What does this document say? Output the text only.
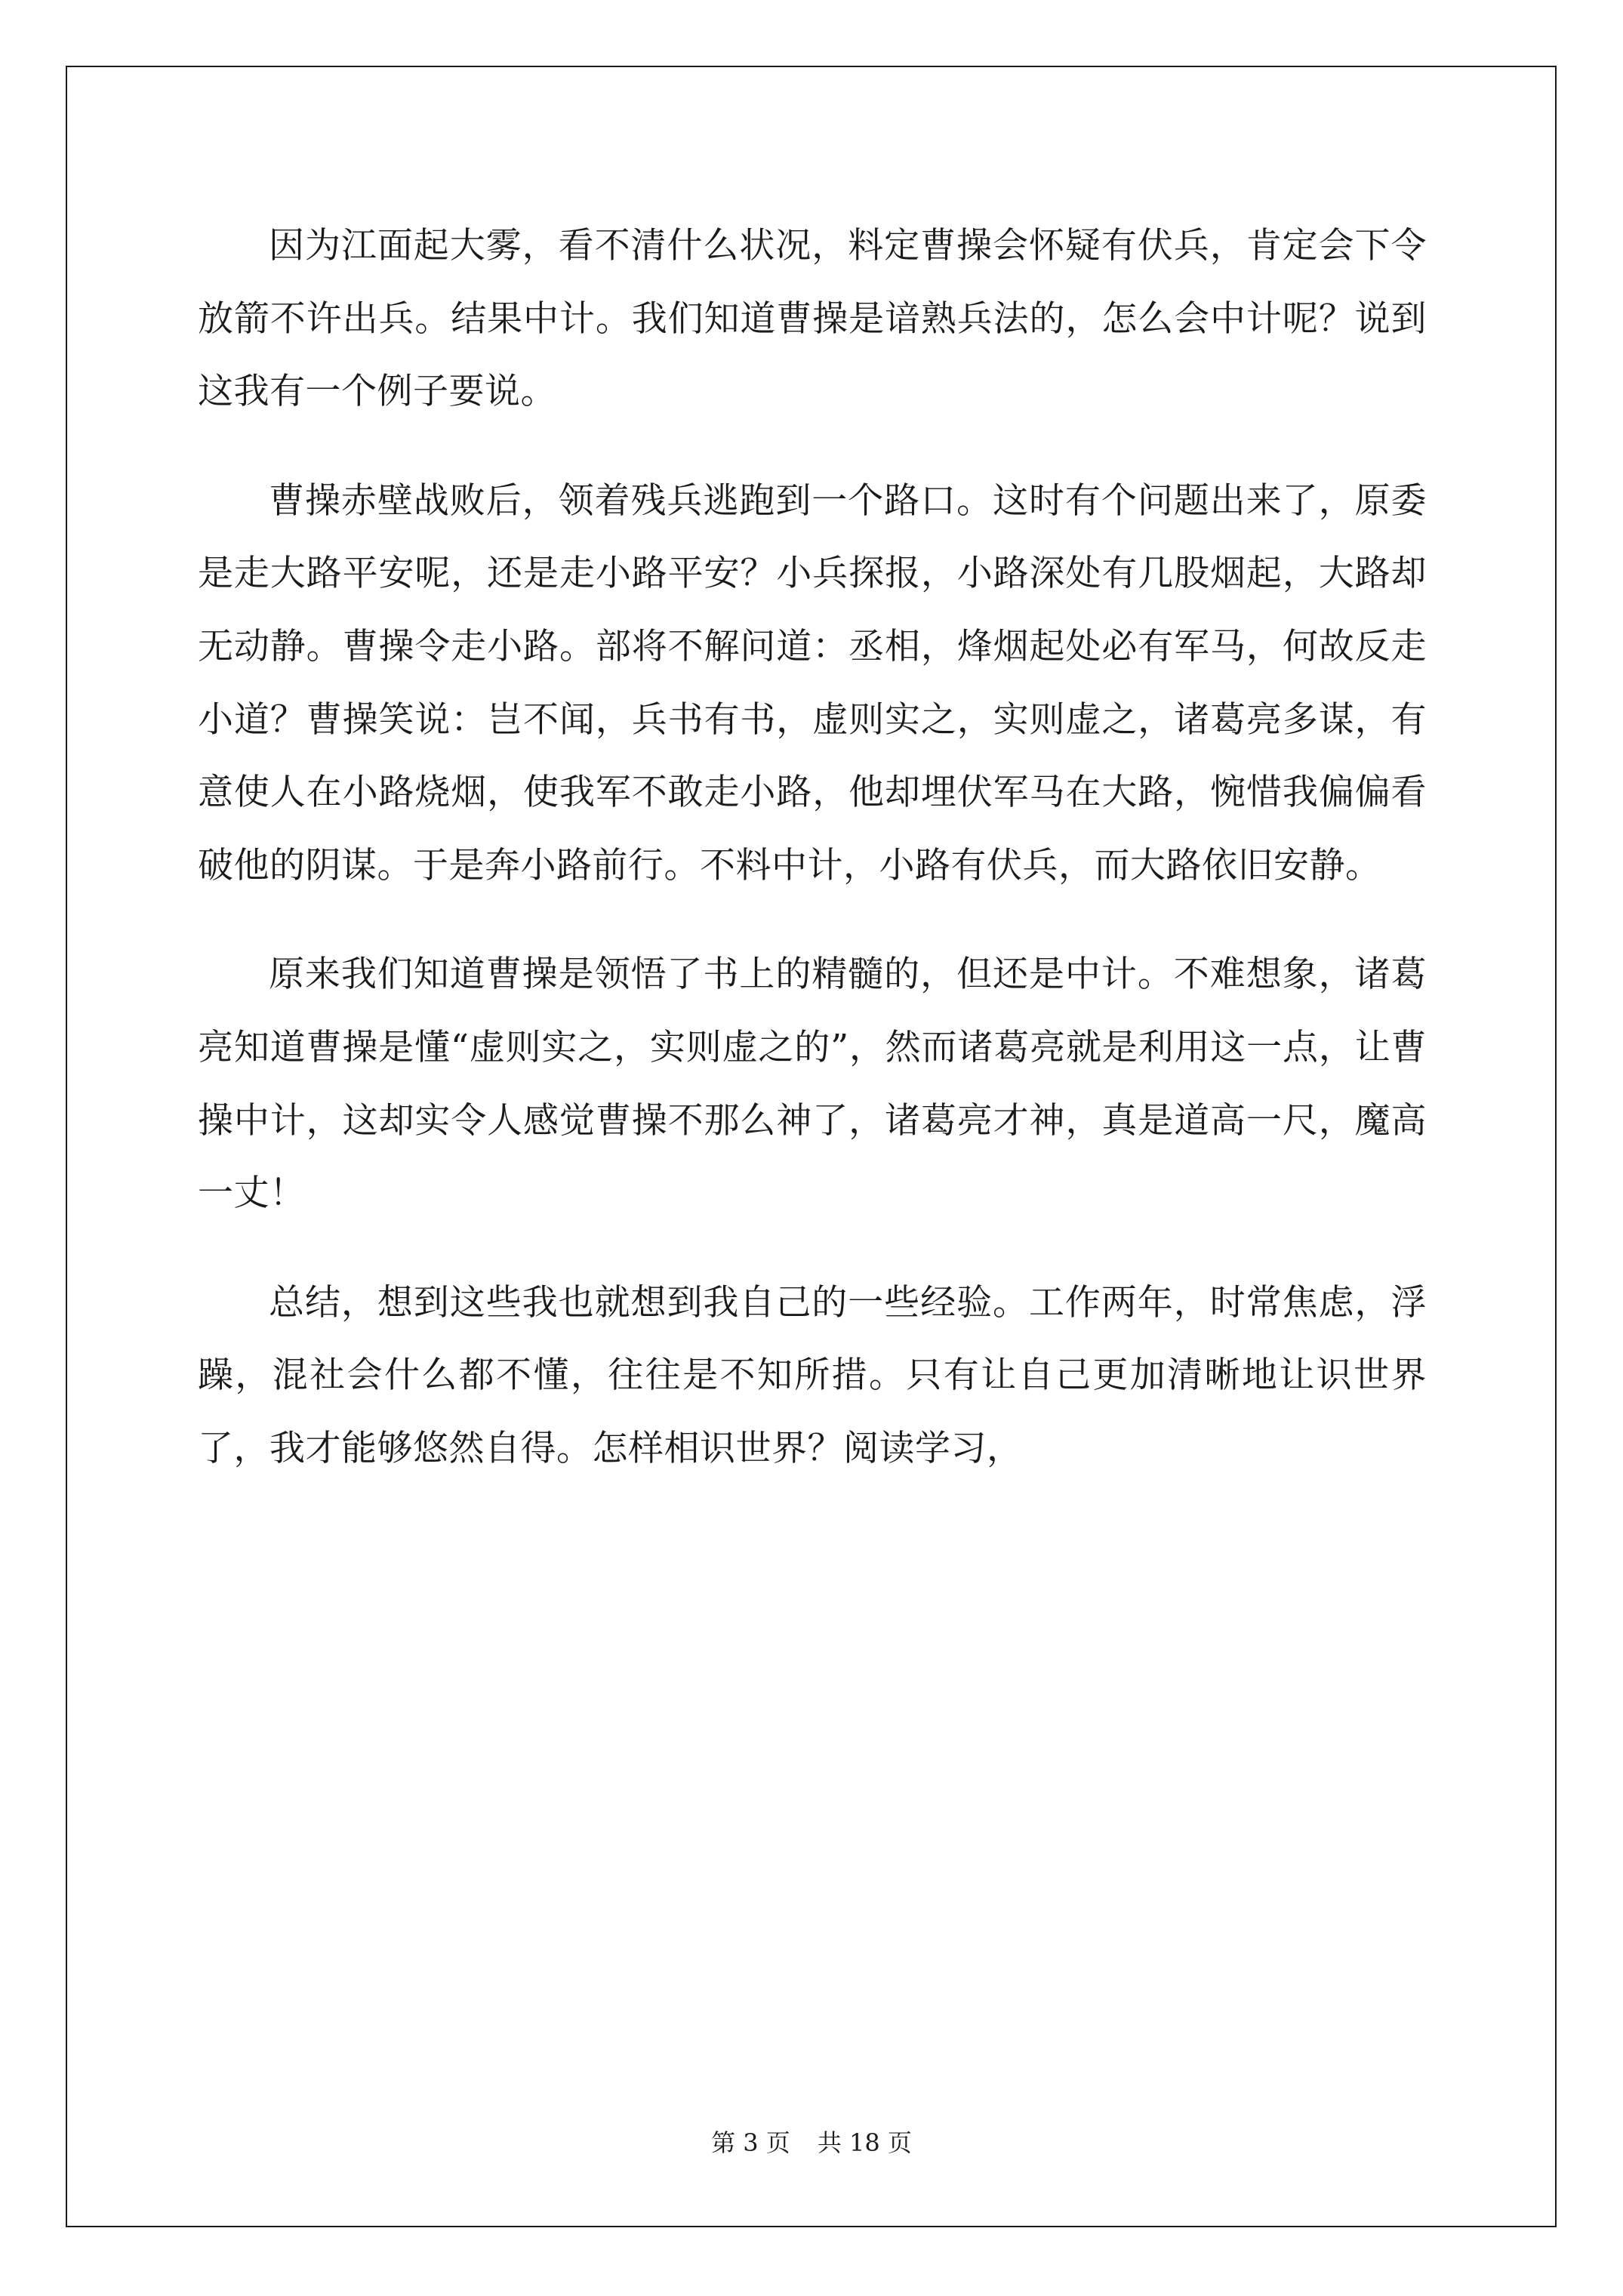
因为江面起大雾，看不清什么状况，料定曹操会怀疑有伏兵，肯定会下令放箭不许出兵。结果中计。我们知道曹操是谙熟兵法的，怎么会中计呢？说到这我有一个例子要说。

曹操赤壁战败后，领着残兵逃跑到一个路口。这时有个问题出来了，原委是走大路平安呢，还是走小路平安？小兵探报，小路深处有几股烟起，大路却无动静。曹操令走小路。部将不解问道：丞相，烽烟起处必有军马，何故反走小道？曹操笑说：岂不闻，兵书有书，虚则实之，实则虚之，诸葛亮多谋，有意使人在小路烧烟，使我军不敢走小路，他却埋伏军马在大路，惋惜我偏偏看破他的阴谋。于是奔小路前行。不料中计，小路有伏兵，而大路依旧安静。

原来我们知道曹操是领悟了书上的精髓的，但还是中计。不难想象，诸葛亮知道曹操是懂“虚则实之，实则虚之的”，然而诸葛亮就是利用这一点，让曹操中计，这却实令人感觉曹操不那么神了，诸葛亮才神，真是道高一尺，魔高一丈！

总结，想到这些我也就想到我自己的一些经验。工作两年，时常焦虑，浮躁，混社会什么都不懂，往往是不知所措。只有让自己更加清晰地让识世界了，我才能够悠然自得。怎样相识世界？阅读学习，

第 3 页 共 18 页
